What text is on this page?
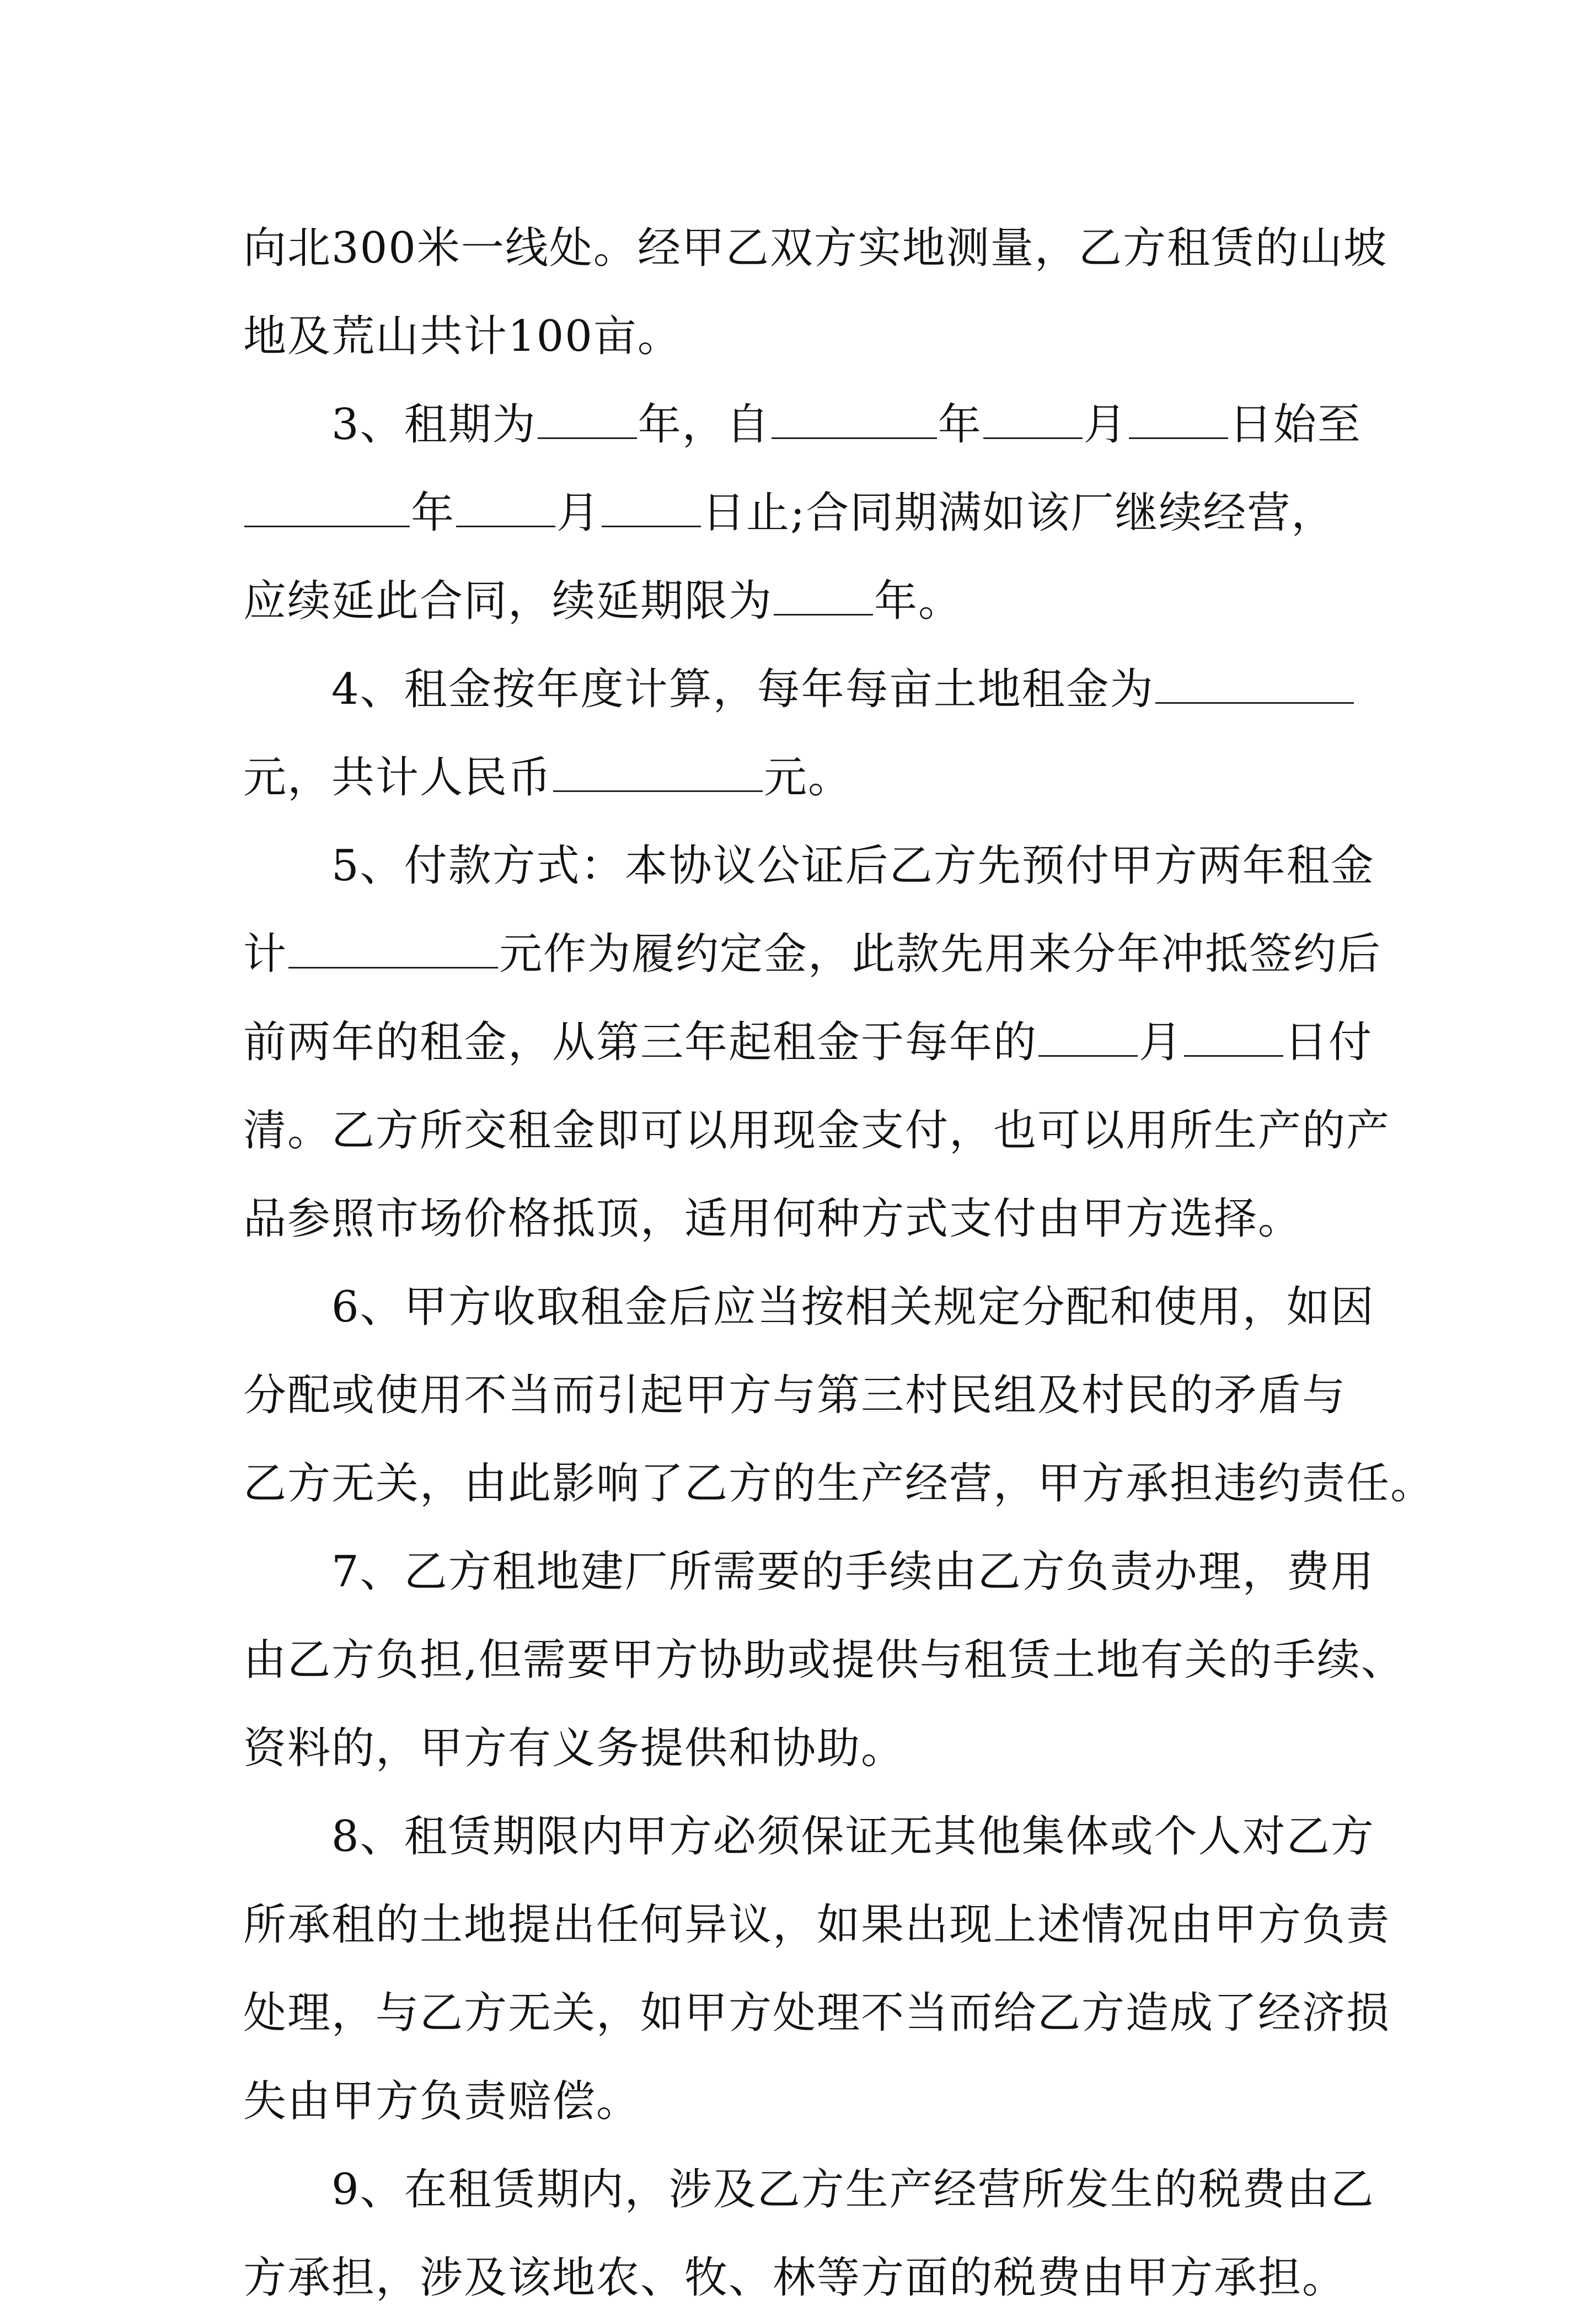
向北300米一线处。经甲乙双方实地测量，乙方租赁的山坡
地及荒山共计100亩。
3、租期为 年，自	年 月 日始至
年 月 日止;合同期满如该厂继续经营，
应续延此合同，续延期限为 年。
4、租金按年度计算，每年每亩土地租金为
元，共计人民币	元。
5、付款方式：本协议公证后乙方先预付甲方两年租金
计	元作为履约定金，此款先用来分年冲抵签约后
前两年的租金，从第三年起租金于每年的 月 日付
清。乙方所交租金即可以用现金支付，也可以用所生产的产
品参照市场价格抵顶，适用何种方式支付由甲方选择。
6、甲方收取租金后应当按相关规定分配和使用，如因
分配或使用不当而引起甲方与第三村民组及村民的矛盾与
乙方无关，由此影响了乙方的生产经营，甲方承担违约责任。
7、乙方租地建厂所需要的手续由乙方负责办理，费用
由乙方负担,但需要甲方协助或提供与租赁土地有关的手续、
资料的，甲方有义务提供和协助。
8、租赁期限内甲方必须保证无其他集体或个人对乙方
所承租的土地提出任何异议，如果出现上述情况由甲方负责
处理，与乙方无关，如甲方处理不当而给乙方造成了经济损
失由甲方负责赔偿。
9、在租赁期内，涉及乙方生产经营所发生的税费由乙
方承担，涉及该地农、牧、林等方面的税费由甲方承担。
